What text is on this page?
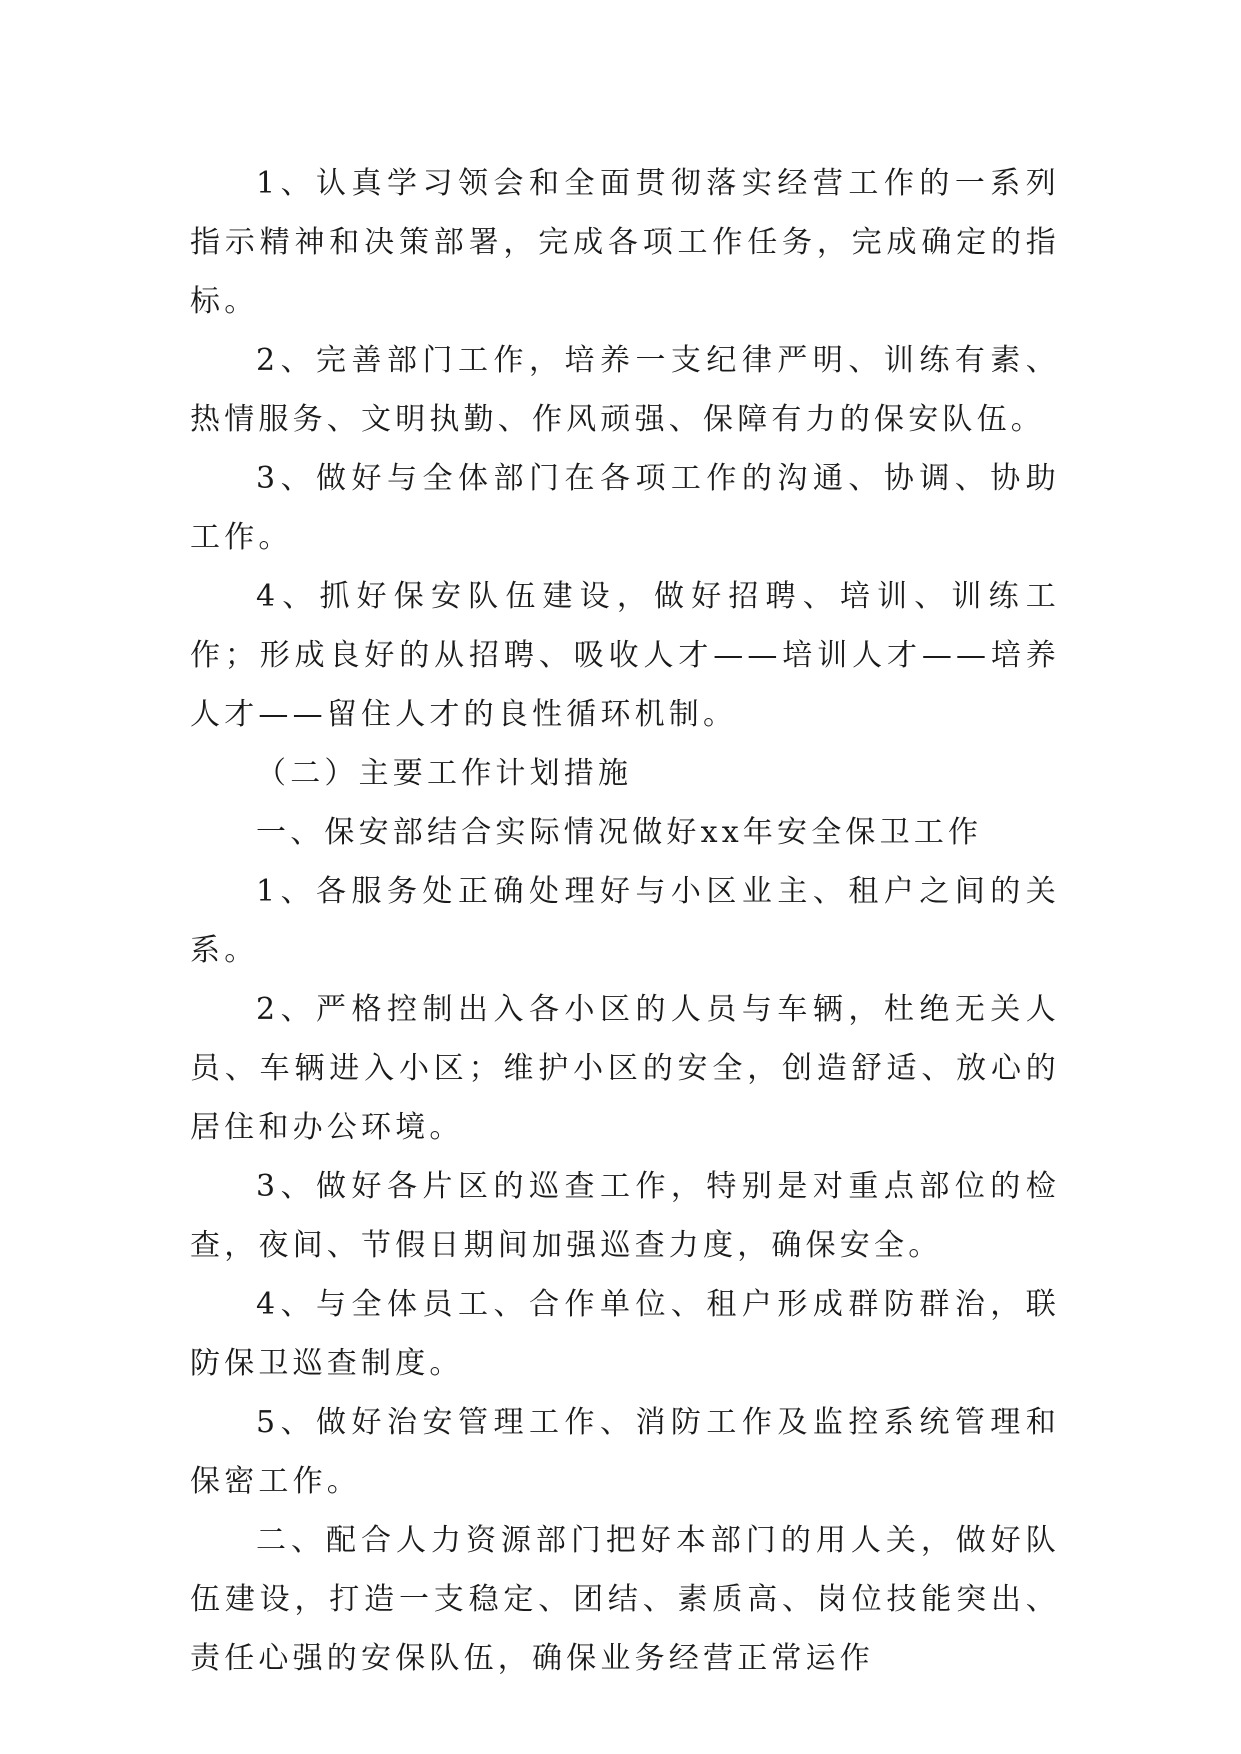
1、认真学习领会和全面贯彻落实经营工作的一系列指示精神和决策部署，完成各项工作任务，完成确定的指标。

2、完善部门工作，培养一支纪律严明、训练有素、热情服务、文明执勤、作风顽强、保障有力的保安队伍。

3、做好与全体部门在各项工作的沟通、协调、协助工作。

4、抓好保安队伍建设，做好招聘、培训、训练工作；形成良好的从招聘、吸收人才——培训人才——培养人才——留住人才的良性循环机制。

（二）主要工作计划措施

一、保安部结合实际情况做好xx年安全保卫工作

1、各服务处正确处理好与小区业主、租户之间的关系。

2、严格控制出入各小区的人员与车辆，杜绝无关人员、车辆进入小区；维护小区的安全，创造舒适、放心的居住和办公环境。

3、做好各片区的巡查工作，特别是对重点部位的检查，夜间、节假日期间加强巡查力度，确保安全。

4、与全体员工、合作单位、租户形成群防群治，联防保卫巡查制度。

5、做好治安管理工作、消防工作及监控系统管理和保密工作。

二、配合人力资源部门把好本部门的用人关，做好队伍建设，打造一支稳定、团结、素质高、岗位技能突出、责任心强的安保队伍，确保业务经营正常运作
